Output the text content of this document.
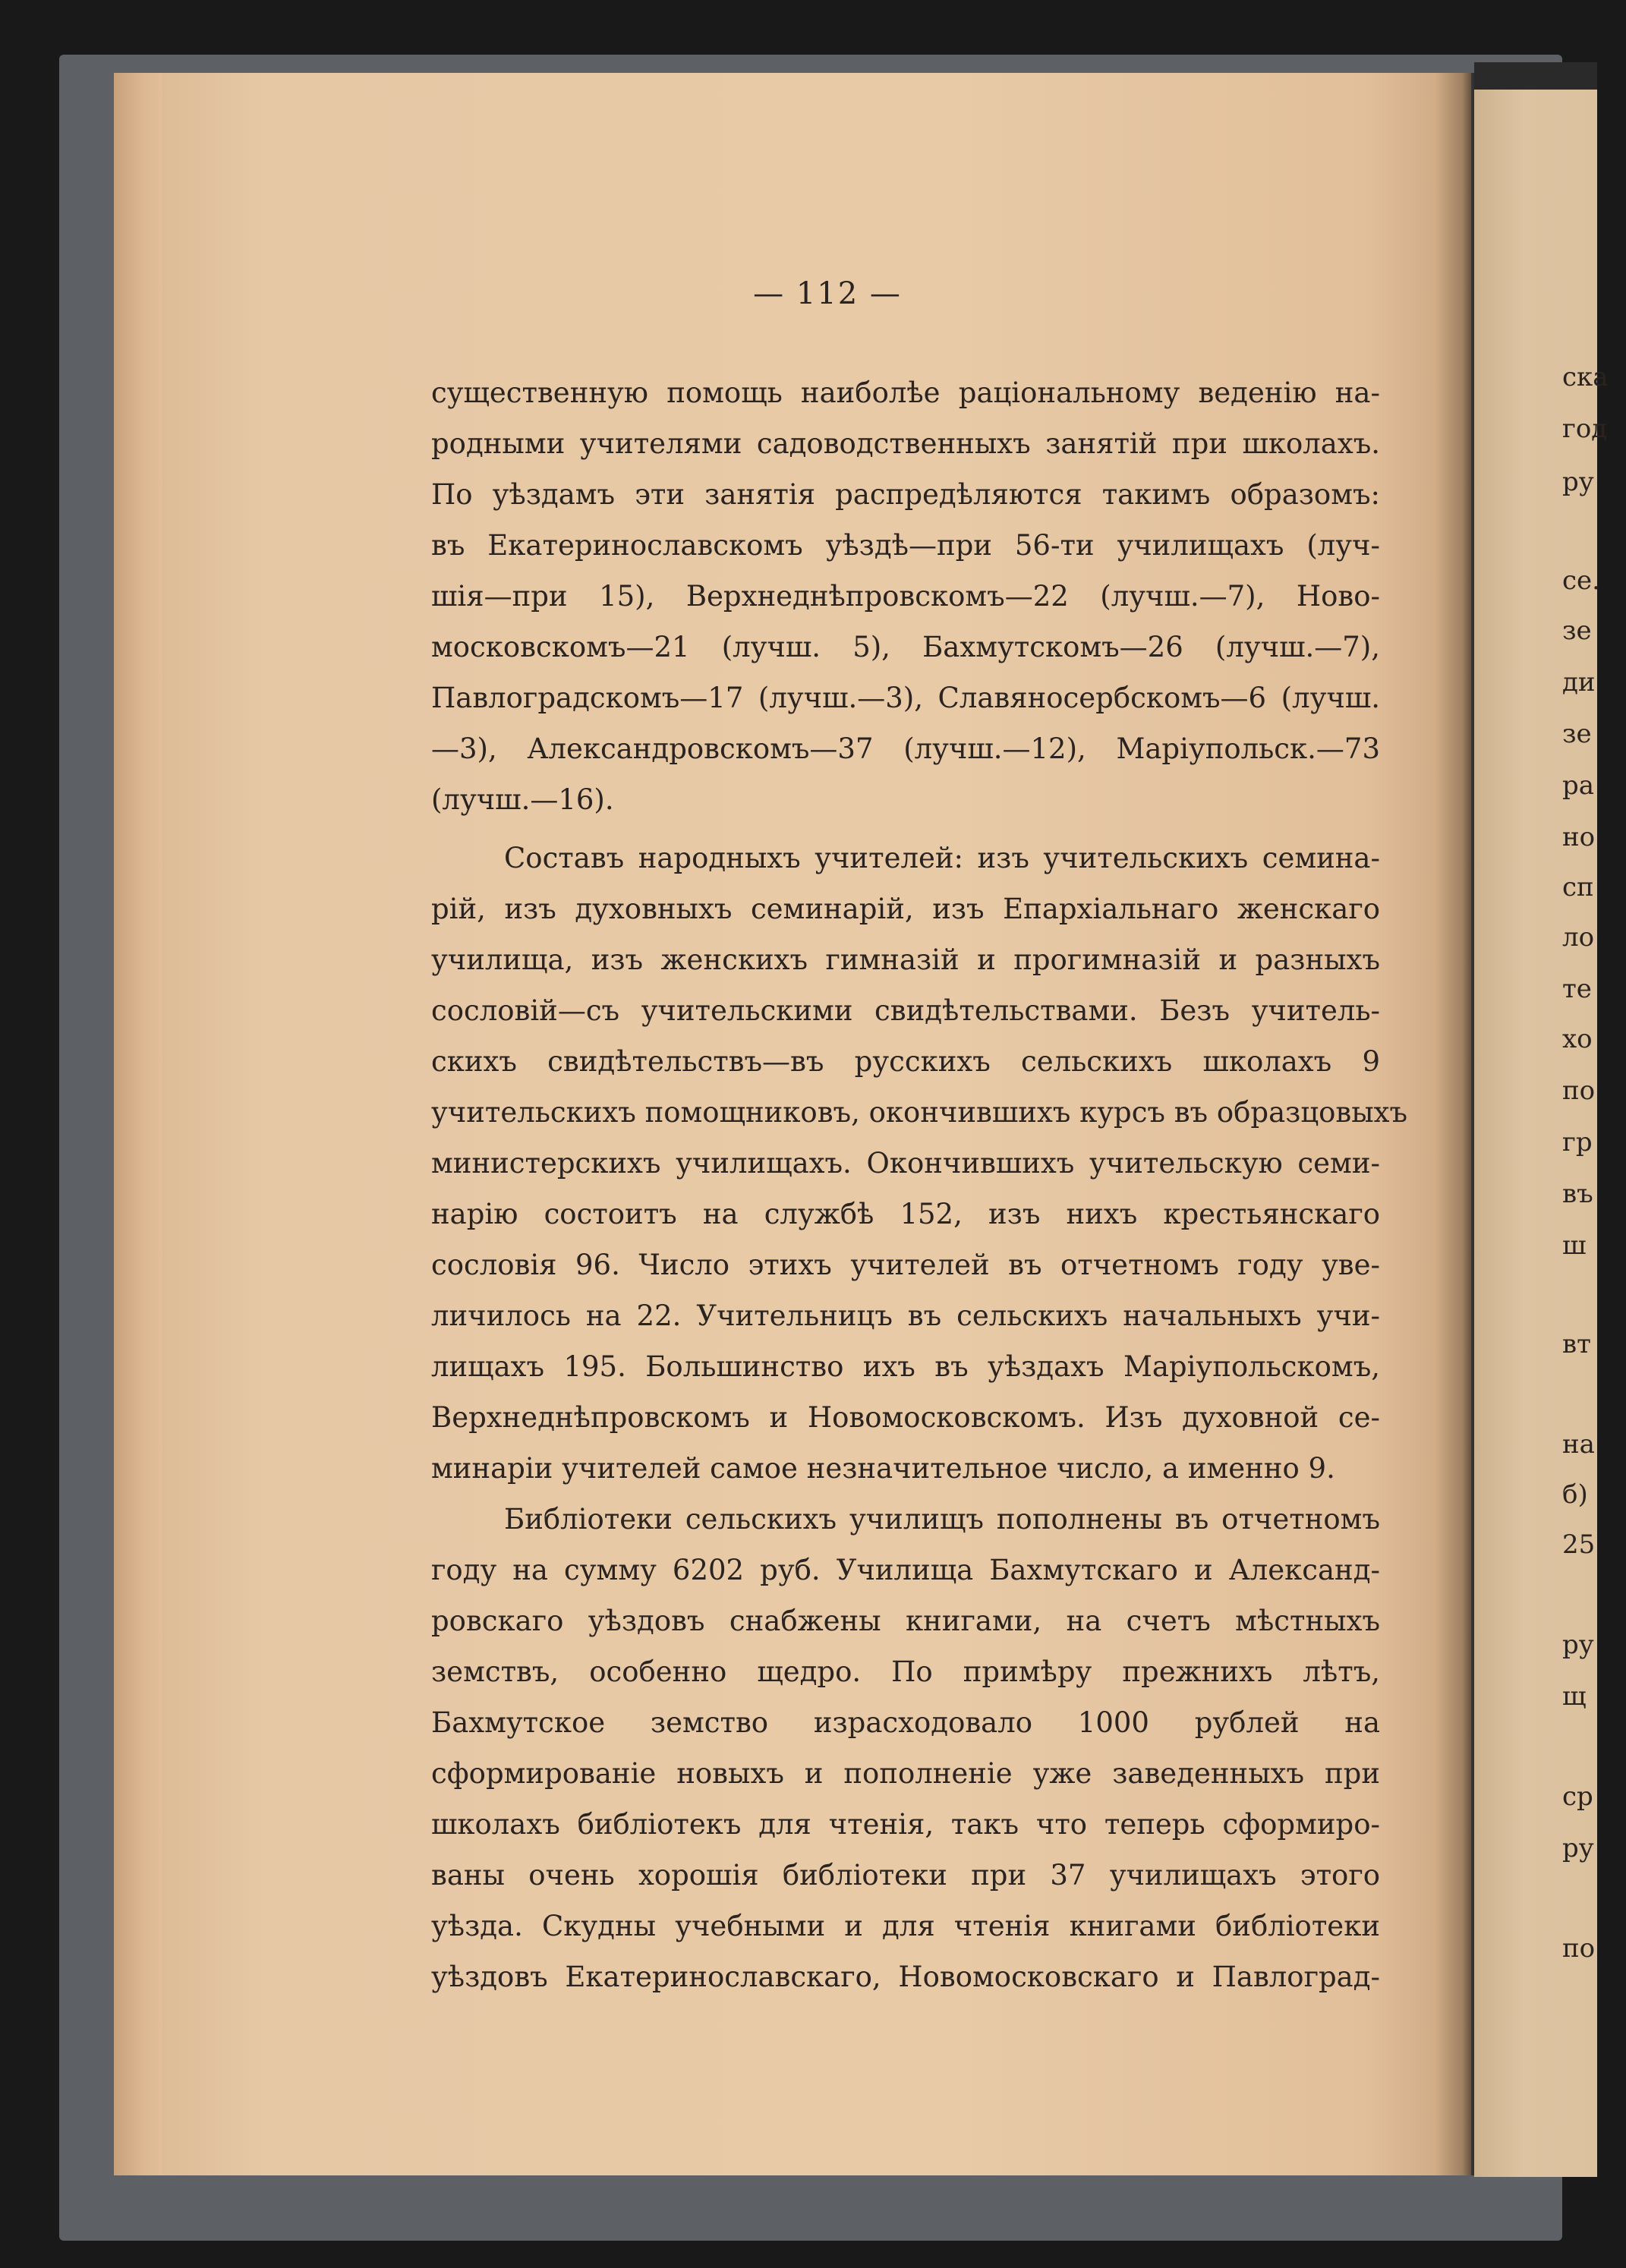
— 112 —
существенную помощь наиболѣе раціональному веденію на-
родными учителями садоводственныхъ занятій при школахъ.
По уѣздамъ эти занятія распредѣляются такимъ образомъ:
въ Екатеринославскомъ уѣздѣ—при 56-ти училищахъ (луч-
шія—при 15), Верхнеднѣпровскомъ—22 (лучш.—7), Ново-
московскомъ—21 (лучш. 5), Бахмутскомъ—26 (лучш.—7),
Павлоградскомъ—17 (лучш.—3), Славяносербскомъ—6 (лучш.
—3), Александровскомъ—37 (лучш.—12), Маріупольск.—73
(лучш.—16).
Составъ народныхъ учителей: изъ учительскихъ семина-
рій, изъ духовныхъ семинарій, изъ Епархіальнаго женскаго
училища, изъ женскихъ гимназій и прогимназій и разныхъ
сословій—съ учительскими свидѣтельствами. Безъ учитель-
скихъ свидѣтельствъ—въ русскихъ сельскихъ школахъ 9
учительскихъ помощниковъ, окончившихъ курсъ въ образцовыхъ
министерскихъ училищахъ. Окончившихъ учительскую семи-
нарію состоитъ на службѣ 152, изъ нихъ крестьянскаго
сословія 96. Число этихъ учителей въ отчетномъ году уве-
личилось на 22. Учительницъ въ сельскихъ начальныхъ учи-
лищахъ 195. Большинство ихъ въ уѣздахъ Маріупольскомъ,
Верхнеднѣпровскомъ и Новомосковскомъ. Изъ духовной се-
минаріи учителей самое незначительное число, а именно 9.
Библіотеки сельскихъ училищъ пополнены въ отчетномъ
году на сумму 6202 руб. Училища Бахмутскаго и Александ-
ровскаго уѣздовъ снабжены книгами, на счетъ мѣстныхъ
земствъ, особенно щедро. По примѣру прежнихъ лѣтъ,
Бахмутское земство израсходовало 1000 рублей на
сформированіе новыхъ и пополненіе уже заведенныхъ при
школахъ библіотекъ для чтенія, такъ что теперь сформиро-
ваны очень хорошія библіотеки при 37 училищахъ этого
уѣзда. Скудны учебными и для чтенія книгами библіотеки
уѣздовъ Екатеринославскаго, Новомосковскаго и Павлоград-
ска
год
ру
се.
зе
ди
зе
ра
но
сп
ло
те
хо
по
гр
въ
ш
вт
на
б)
25
ру
щ
ср
ру
по
